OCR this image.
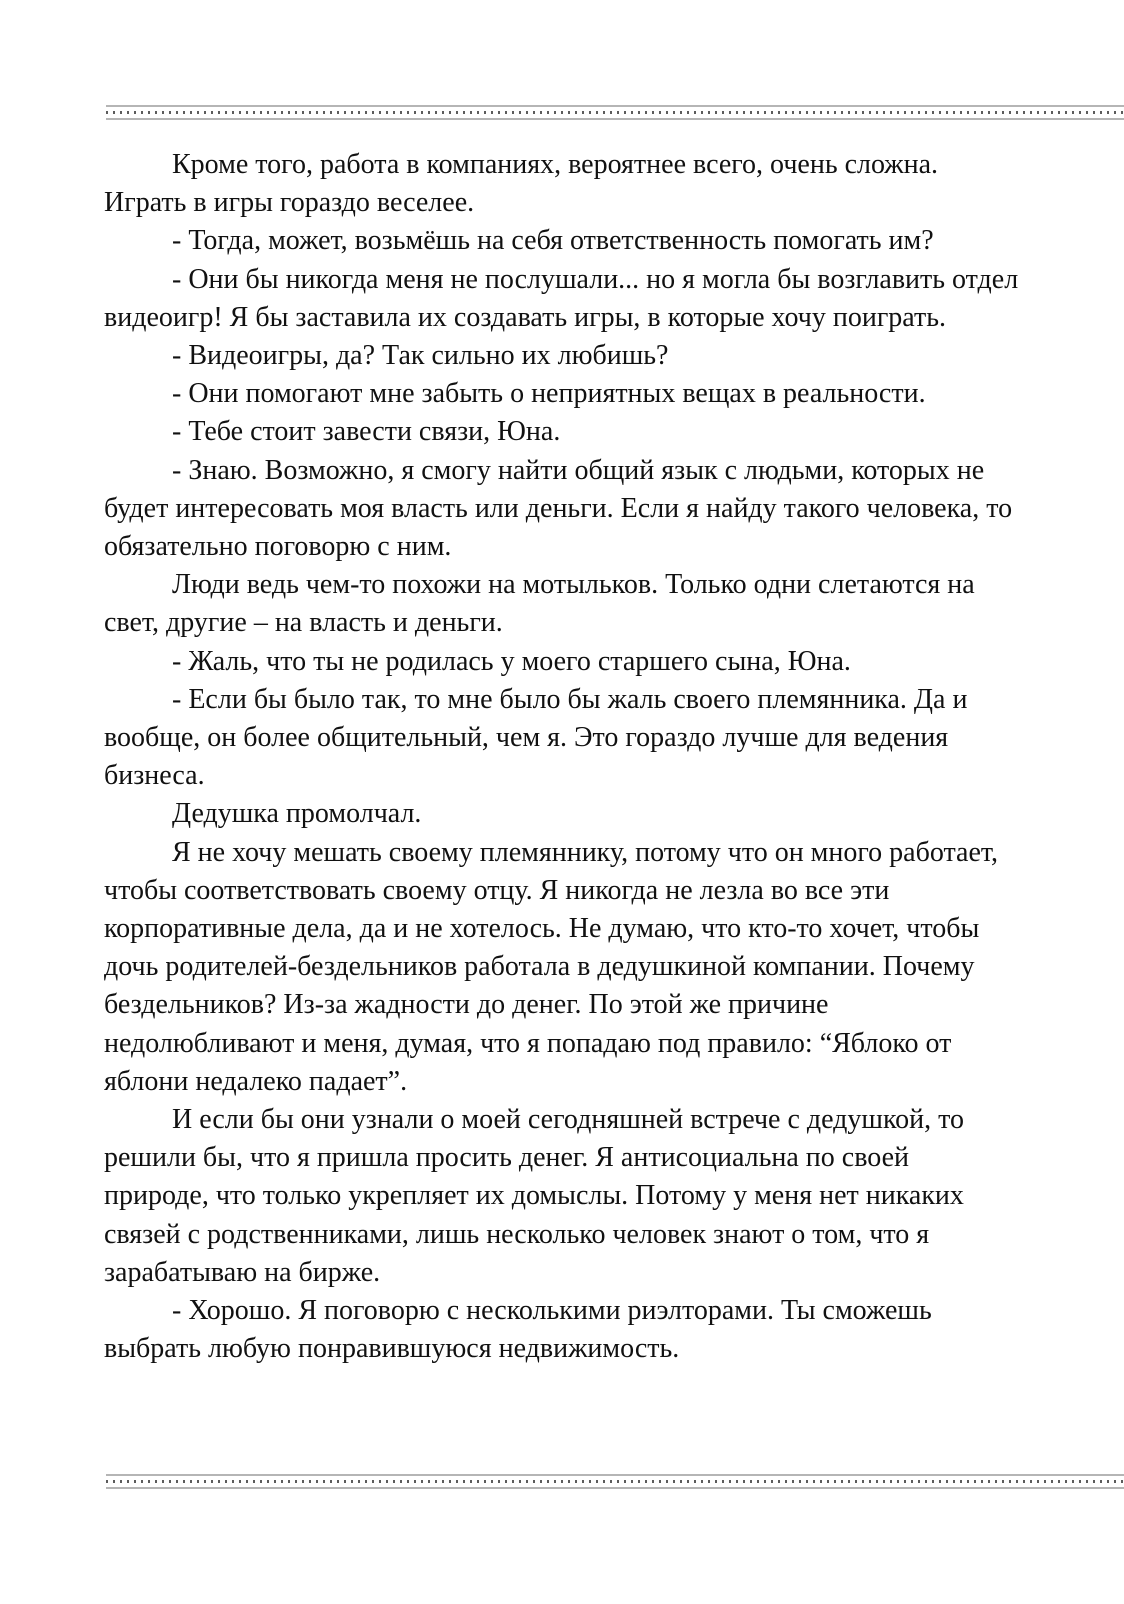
Кроме того, работа в компаниях, вероятнее всего, очень сложна. Играть в игры гораздо веселее.

- Тогда, может, возьмёшь на себя ответственность помогать им?

- Они бы никогда меня не послушали... но я могла бы возглавить отдел видеоигр! Я бы заставила их создавать игры, в которые хочу поиграть.

- Видеоигры, да? Так сильно их любишь?

- Они помогают мне забыть о неприятных вещах в реальности.

- Тебе стоит завести связи, Юна.

- Знаю. Возможно, я смогу найти общий язык с людьми, которых не будет интересовать моя власть или деньги. Если я найду такого человека, то обязательно поговорю с ним.

Люди ведь чем-то похожи на мотыльков. Только одни слетаются на свет, другие – на власть и деньги.

- Жаль, что ты не родилась у моего старшего сына, Юна.

- Если бы было так, то мне было бы жаль своего племянника. Да и вообще, он более общительный, чем я. Это гораздо лучше для ведения бизнеса.

Дедушка промолчал.

Я не хочу мешать своему племяннику, потому что он много работает, чтобы соответствовать своему отцу. Я никогда не лезла во все эти корпоративные дела, да и не хотелось. Не думаю, что кто-то хочет, чтобы дочь родителей-бездельников работала в дедушкиной компании. Почему бездельников? Из-за жадности до денег. По этой же причине недолюбливают и меня, думая, что я попадаю под правило: “Яблоко от яблони недалеко падает”.

И если бы они узнали о моей сегодняшней встрече с дедушкой, то решили бы, что я пришла просить денег. Я антисоциальна по своей природе, что только укрепляет их домыслы. Потому у меня нет никаких связей с родственниками, лишь несколько человек знают о том, что я зарабатываю на бирже.

- Хорошо. Я поговорю с несколькими риэлторами. Ты сможешь выбрать любую понравившуюся недвижимость.
